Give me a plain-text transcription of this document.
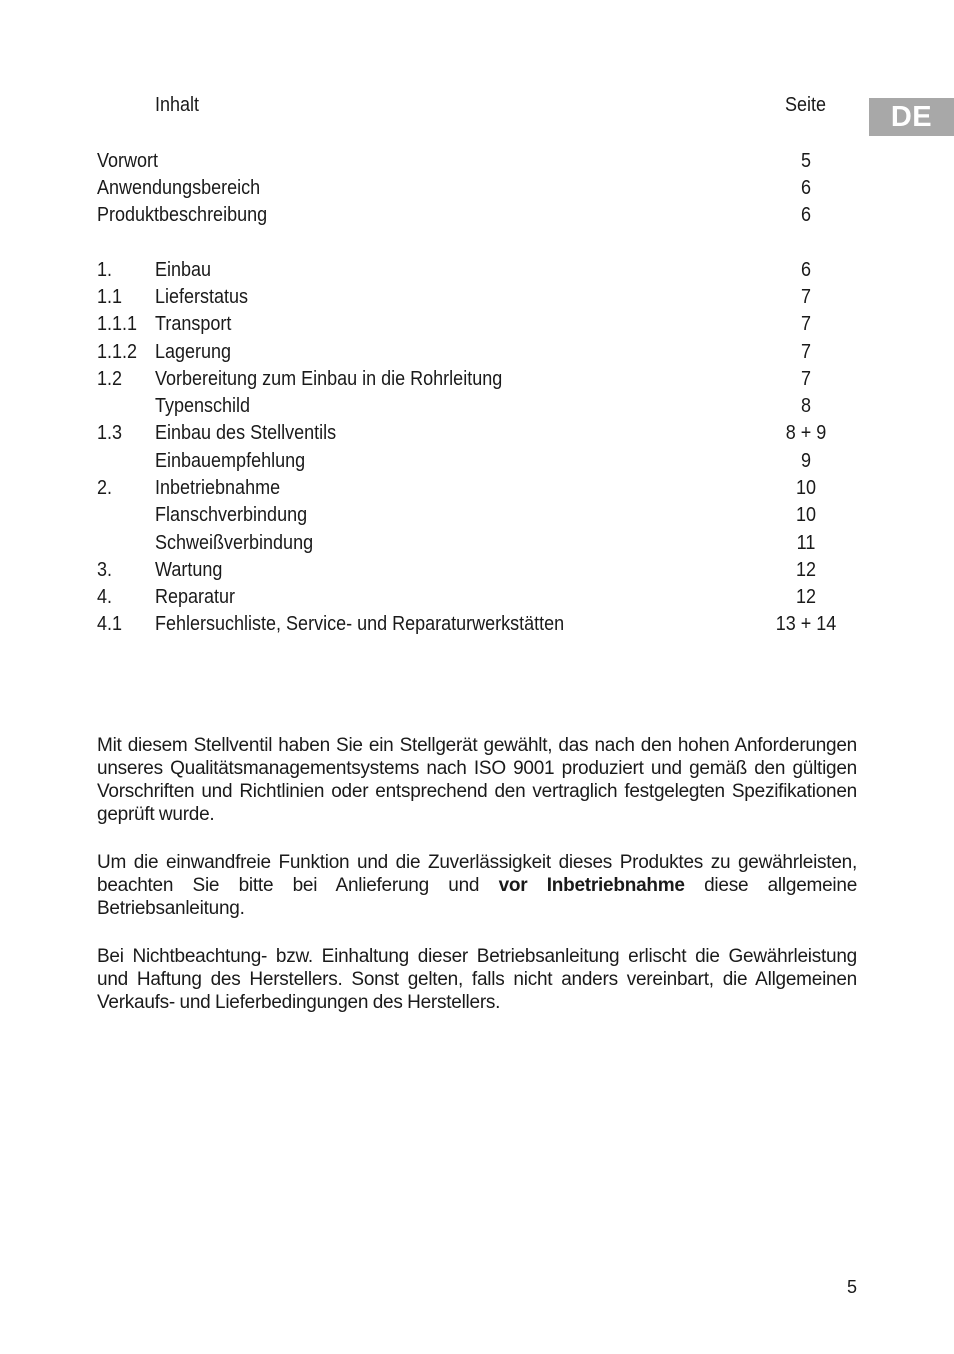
DE
Inhalt	Seite
Vorwort	5
Anwendungsbereich	6
Produktbeschreibung	6
1. Einbau	6
1.1 Lieferstatus	7
1.1.1 Transport	7
1.1.2 Lagerung	7
1.2 Vorbereitung zum Einbau in die Rohrleitung	7
Typenschild	8
1.3 Einbau des Stellventils	8 + 9
Einbauempfehlung	9
2. Inbetriebnahme	10
Flanschverbindung	10
Schweißverbindung	11
3. Wartung	12
4. Reparatur	12
4.1 Fehlersuchliste, Service- und Reparaturwerkstätten	13 + 14

Mit diesem Stellventil haben Sie ein Stellgerät gewählt, das nach den hohen Anforderungen unseres Qualitätsmanagementsystems nach ISO 9001 produziert und gemäß den gültigen Vorschriften und Richtlinien oder entsprechend den vertraglich festgelegten Spezifikationen geprüft wurde.

Um die einwandfreie Funktion und die Zuverlässigkeit dieses Produktes zu gewährleisten, beachten Sie bitte bei Anlieferung und vor Inbetriebnahme diese allgemeine Betriebsanleitung.

Bei Nichtbeachtung- bzw. Einhaltung dieser Betriebsanleitung erlischt die Gewährleistung und Haftung des Herstellers. Sonst gelten, falls nicht anders vereinbart, die Allgemeinen Verkaufs- und Lieferbedingungen des Herstellers.

5
